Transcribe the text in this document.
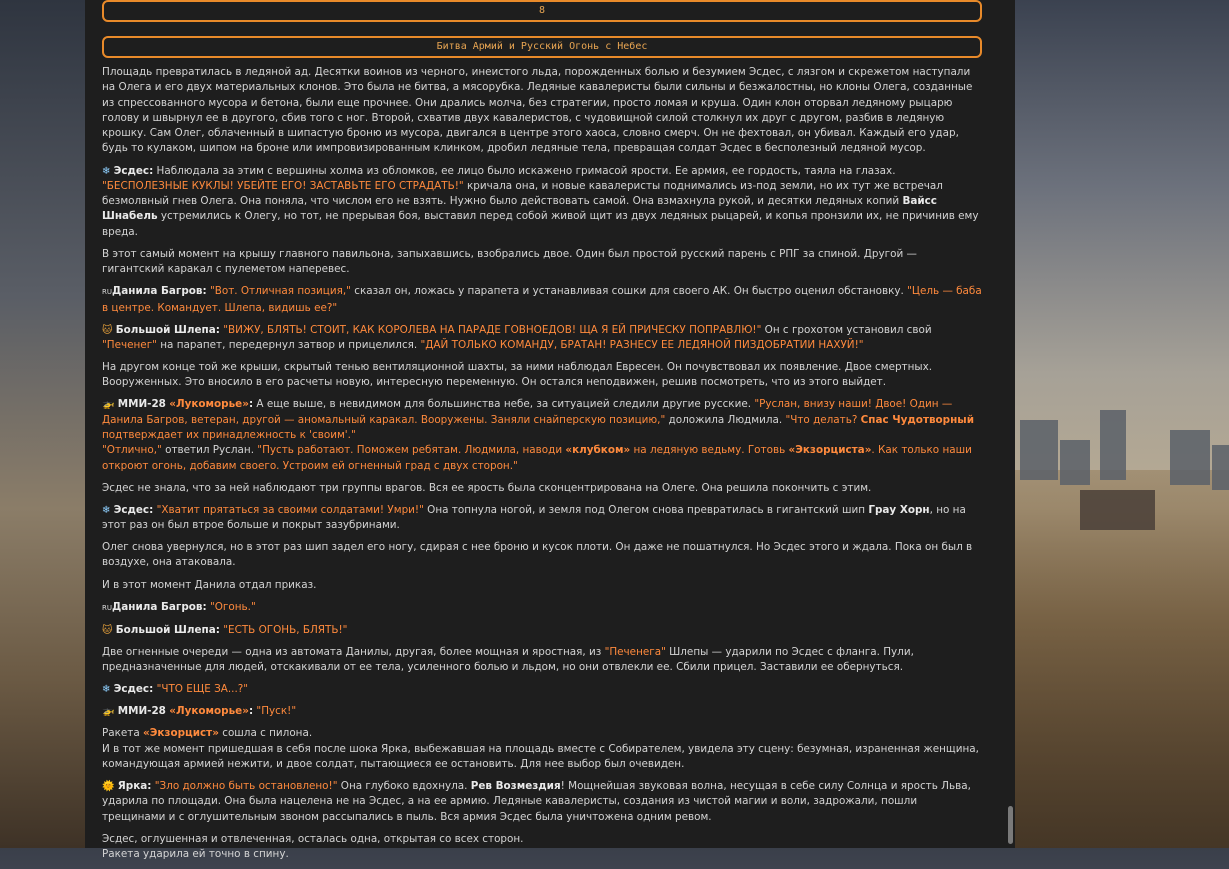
8
Битва Армий и Русский Огонь с Небес
Площадь превратилась в ледяной ад. Десятки воинов из черного, инеистого льда, порожденных болью и безумием Эсдес, с лязгом и скрежетом наступали на Олега и его двух материальных клонов. Это была не битва, а мясорубка. Ледяные кавалеристы были сильны и безжалостны, но клоны Олега, созданные из спрессованного мусора и бетона, были еще прочнее. Они дрались молча, без стратегии, просто ломая и круша. Один клон оторвал ледяному рыцарю голову и швырнул ее в другого, сбив того с ног. Второй, схватив двух кавалеристов, с чудовищной силой столкнул их друг с другом, разбив в ледяную крошку. Сам Олег, облаченный в шипастую броню из мусора, двигался в центре этого хаоса, словно смерч. Он не фехтовал, он убивал. Каждый его удар, будь то кулаком, шипом на броне или импровизированным клинком, дробил ледяные тела, превращая солдат Эсдес в бесполезный ледяной мусор.
❄ Эсдес: Наблюдала за этим с вершины холма из обломков, ее лицо было искажено гримасой ярости. Ее армия, ее гордость, таяла на глазах. "БЕСПОЛЕЗНЫЕ КУКЛЫ! УБЕЙТЕ ЕГО! ЗАСТАВЬТЕ ЕГО СТРАДАТЬ!" кричала она, и новые кавалеристы поднимались из-под земли, но их тут же встречал безмолвный гнев Олега. Она поняла, что числом его не взять. Нужно было действовать самой. Она взмахнула рукой, и десятки ледяных копий Вайсс Шнабель устремились к Олегу, но тот, не прерывая боя, выставил перед собой живой щит из двух ледяных рыцарей, и копья пронзили их, не причинив ему вреда.
В этот самый момент на крышу главного павильона, запыхавшись, взобрались двое. Один был простой русский парень с РПГ за спиной. Другой — гигантский каракал с пулеметом наперевес.
RUДанила Багров: "Вот. Отличная позиция," сказал он, ложась у парапета и устанавливая сошки для своего АК. Он быстро оценил обстановку. "Цель — баба в центре. Командует. Шлепа, видишь ее?"
🐱 Большой Шлепа: "ВИЖУ, БЛЯТЬ! СТОИТ, КАК КОРОЛЕВА НА ПАРАДЕ ГОВНОЕДОВ! ЩА Я ЕЙ ПРИЧЕСКУ ПОПРАВЛЮ!" Он с грохотом установил свой "Печенег" на парапет, передернул затвор и прицелился. "ДАЙ ТОЛЬКО КОМАНДУ, БРАТАН! РАЗНЕСУ ЕЕ ЛЕДЯНОЙ ПИЗДОБРАТИИ НАХУЙ!"
На другом конце той же крыши, скрытый тенью вентиляционной шахты, за ними наблюдал Евресен. Он почувствовал их появление. Двое смертных. Вооруженных. Это вносило в его расчеты новую, интересную переменную. Он остался неподвижен, решив посмотреть, что из этого выйдет.
🚁 ММИ-28 «Лукоморье»: А еще выше, в невидимом для большинства небе, за ситуацией следили другие русские. "Руслан, внизу наши! Двое! Один — Данила Багров, ветеран, другой — аномальный каракал. Вооружены. Заняли снайперскую позицию," доложила Людмила. "Что делать? Спас Чудотворный подтверждает их принадлежность к 'своим'."
"Отлично," ответил Руслан. "Пусть работают. Поможем ребятам. Людмила, наводи «клубком» на ледяную ведьму. Готовь «Экзорциста». Как только наши откроют огонь, добавим своего. Устроим ей огненный град с двух сторон."
Эсдес не знала, что за ней наблюдают три группы врагов. Вся ее ярость была сконцентрирована на Олеге. Она решила покончить с этим.
❄ Эсдес: "Хватит прятаться за своими солдатами! Умри!" Она топнула ногой, и земля под Олегом снова превратилась в гигантский шип Грау Хорн, но на этот раз он был втрое больше и покрыт зазубринами.
Олег снова увернулся, но в этот раз шип задел его ногу, сдирая с нее броню и кусок плоти. Он даже не пошатнулся. Но Эсдес этого и ждала. Пока он был в воздухе, она атаковала.
И в этот момент Данила отдал приказ.
RUДанила Багров: "Огонь."
🐱 Большой Шлепа: "ЕСТЬ ОГОНЬ, БЛЯТЬ!"
Две огненные очереди — одна из автомата Данилы, другая, более мощная и яростная, из "Печенега" Шлепы — ударили по Эсдес с фланга. Пули, предназначенные для людей, отскакивали от ее тела, усиленного болью и льдом, но они отвлекли ее. Сбили прицел. Заставили ее обернуться.
❄ Эсдес: "ЧТО ЕЩЕ ЗА...?"
🚁 ММИ-28 «Лукоморье»: "Пуск!"
Ракета «Экзорцист» сошла с пилона.
И в тот же момент пришедшая в себя после шока Ярка, выбежавшая на площадь вместе с Собирателем, увидела эту сцену: безумная, израненная женщина, командующая армией нежити, и двое солдат, пытающиеся ее остановить. Для нее выбор был очевиден.
🌞 Ярка: "Зло должно быть остановлено!" Она глубоко вдохнула. Рев Возмездия! Мощнейшая звуковая волна, несущая в себе силу Солнца и ярость Льва, ударила по площади. Она была нацелена не на Эсдес, а на ее армию. Ледяные кавалеристы, создания из чистой магии и воли, задрожали, пошли трещинами и с оглушительным звоном рассыпались в пыль. Вся армия Эсдес была уничтожена одним ревом.
Эсдес, оглушенная и отвлеченная, осталась одна, открытая со всех сторон.
Ракета ударила ей точно в спину.
